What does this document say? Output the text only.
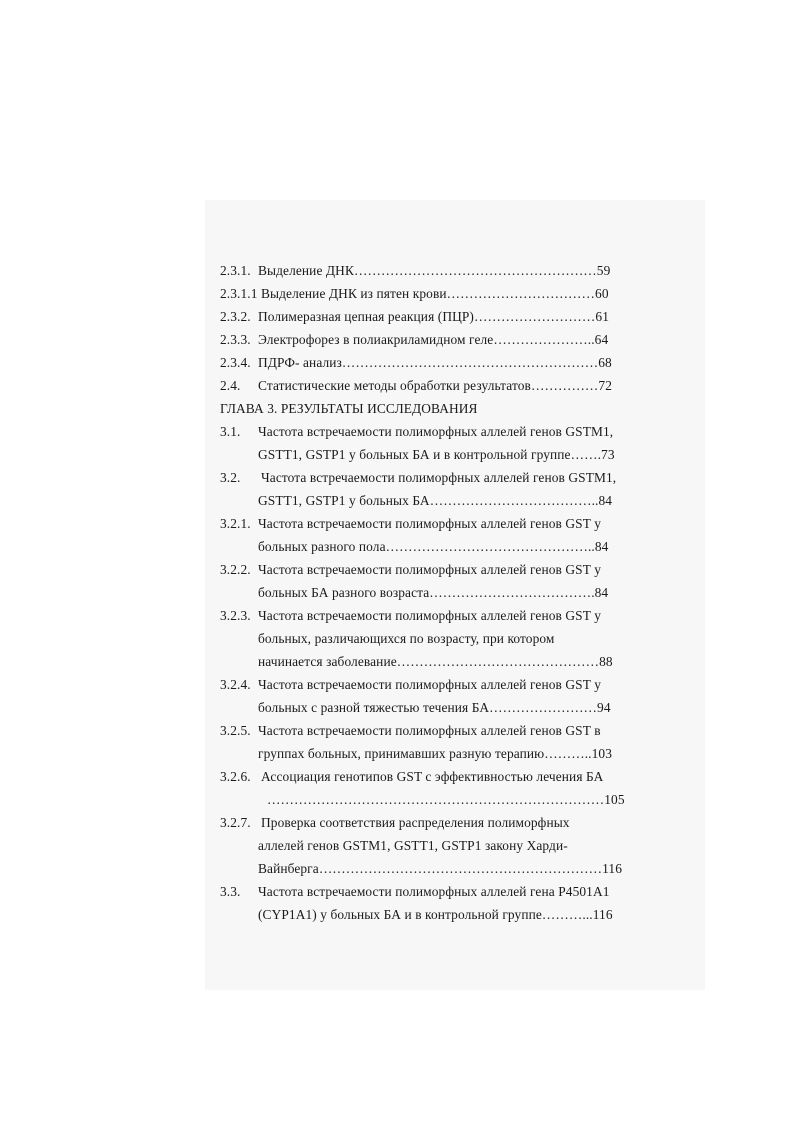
2.3.1. Выделение ДНК………………………………………………59
2.3.1.1 Выделение ДНК из пятен крови……………………………60
2.3.2. Полимеразная цепная реакция (ПЦР)………………………61
2.3.3. Электрофорез в полиакриламидном геле…………………..64
2.3.4. ПДРФ- анализ…………………………………………………68
2.4. Статистические методы обработки результатов……………72
ГЛАВА 3. РЕЗУЛЬТАТЫ ИССЛЕДОВАНИЯ
3.1. Частота встречаемости полиморфных аллелей генов GSTM1,
GSTT1, GSTP1 у больных БА и в контрольной группе…….73
3.2. Частота встречаемости полиморфных аллелей генов GSTM1,
GSTT1, GSTP1 у больных БА………………………………..84
3.2.1. Частота встречаемости полиморфных аллелей генов GST у
больных разного пола………………………………………..84
3.2.2. Частота встречаемости полиморфных аллелей генов GST у
больных БА разного возраста……………………………….84
3.2.3. Частота встречаемости полиморфных аллелей генов GST у
больных, различающихся по возрасту, при котором
начинается заболевание………………………………………88
3.2.4. Частота встречаемости полиморфных аллелей генов GST у
больных с разной тяжестью течения БА……………………94
3.2.5. Частота встречаемости полиморфных аллелей генов GST в
группах больных, принимавших разную терапию………..103
3.2.6. Ассоциация генотипов GST с эффективностью лечения БА
…………………………………………………………………105
3.2.7. Проверка соответствия распределения полиморфных
аллелей генов GSTM1, GSTT1, GSTP1 закону Харди-
Вайнберга………………………………………………………116
3.3. Частота встречаемости полиморфных аллелей гена P4501A1
(CYP1A1) у больных БА и в контрольной группе………...116
